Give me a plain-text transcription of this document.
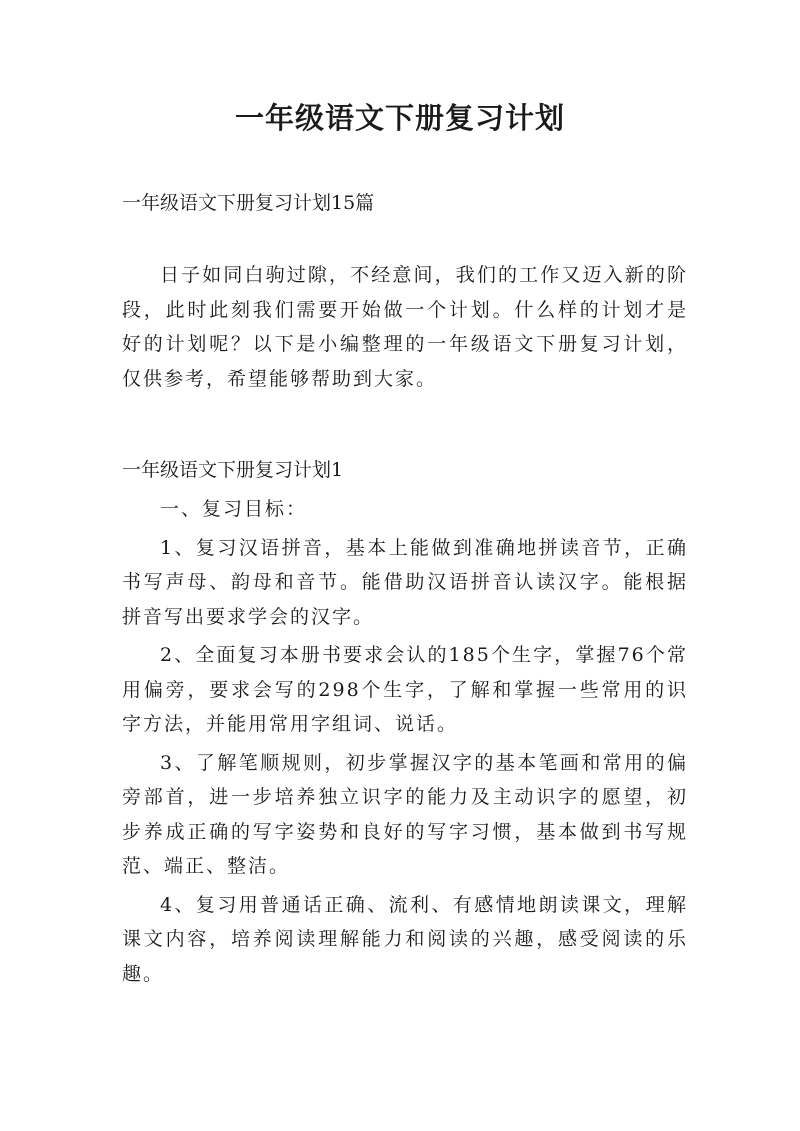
一年级语文下册复习计划

一年级语文下册复习计划15篇

日子如同白驹过隙，不经意间，我们的工作又迈入新的阶段，此时此刻我们需要开始做一个计划。什么样的计划才是好的计划呢？以下是小编整理的一年级语文下册复习计划，仅供参考，希望能够帮助到大家。

一年级语文下册复习计划1

一、复习目标：

1、复习汉语拼音，基本上能做到准确地拼读音节，正确书写声母、韵母和音节。能借助汉语拼音认读汉字。能根据拼音写出要求学会的汉字。

2、全面复习本册书要求会认的185个生字，掌握76个常用偏旁，要求会写的298个生字，了解和掌握一些常用的识字方法，并能用常用字组词、说话。

3、了解笔顺规则，初步掌握汉字的基本笔画和常用的偏旁部首，进一步培养独立识字的能力及主动识字的愿望，初步养成正确的写字姿势和良好的写字习惯，基本做到书写规范、端正、整洁。

4、复习用普通话正确、流利、有感情地朗读课文，理解课文内容，培养阅读理解能力和阅读的兴趣，感受阅读的乐趣。
